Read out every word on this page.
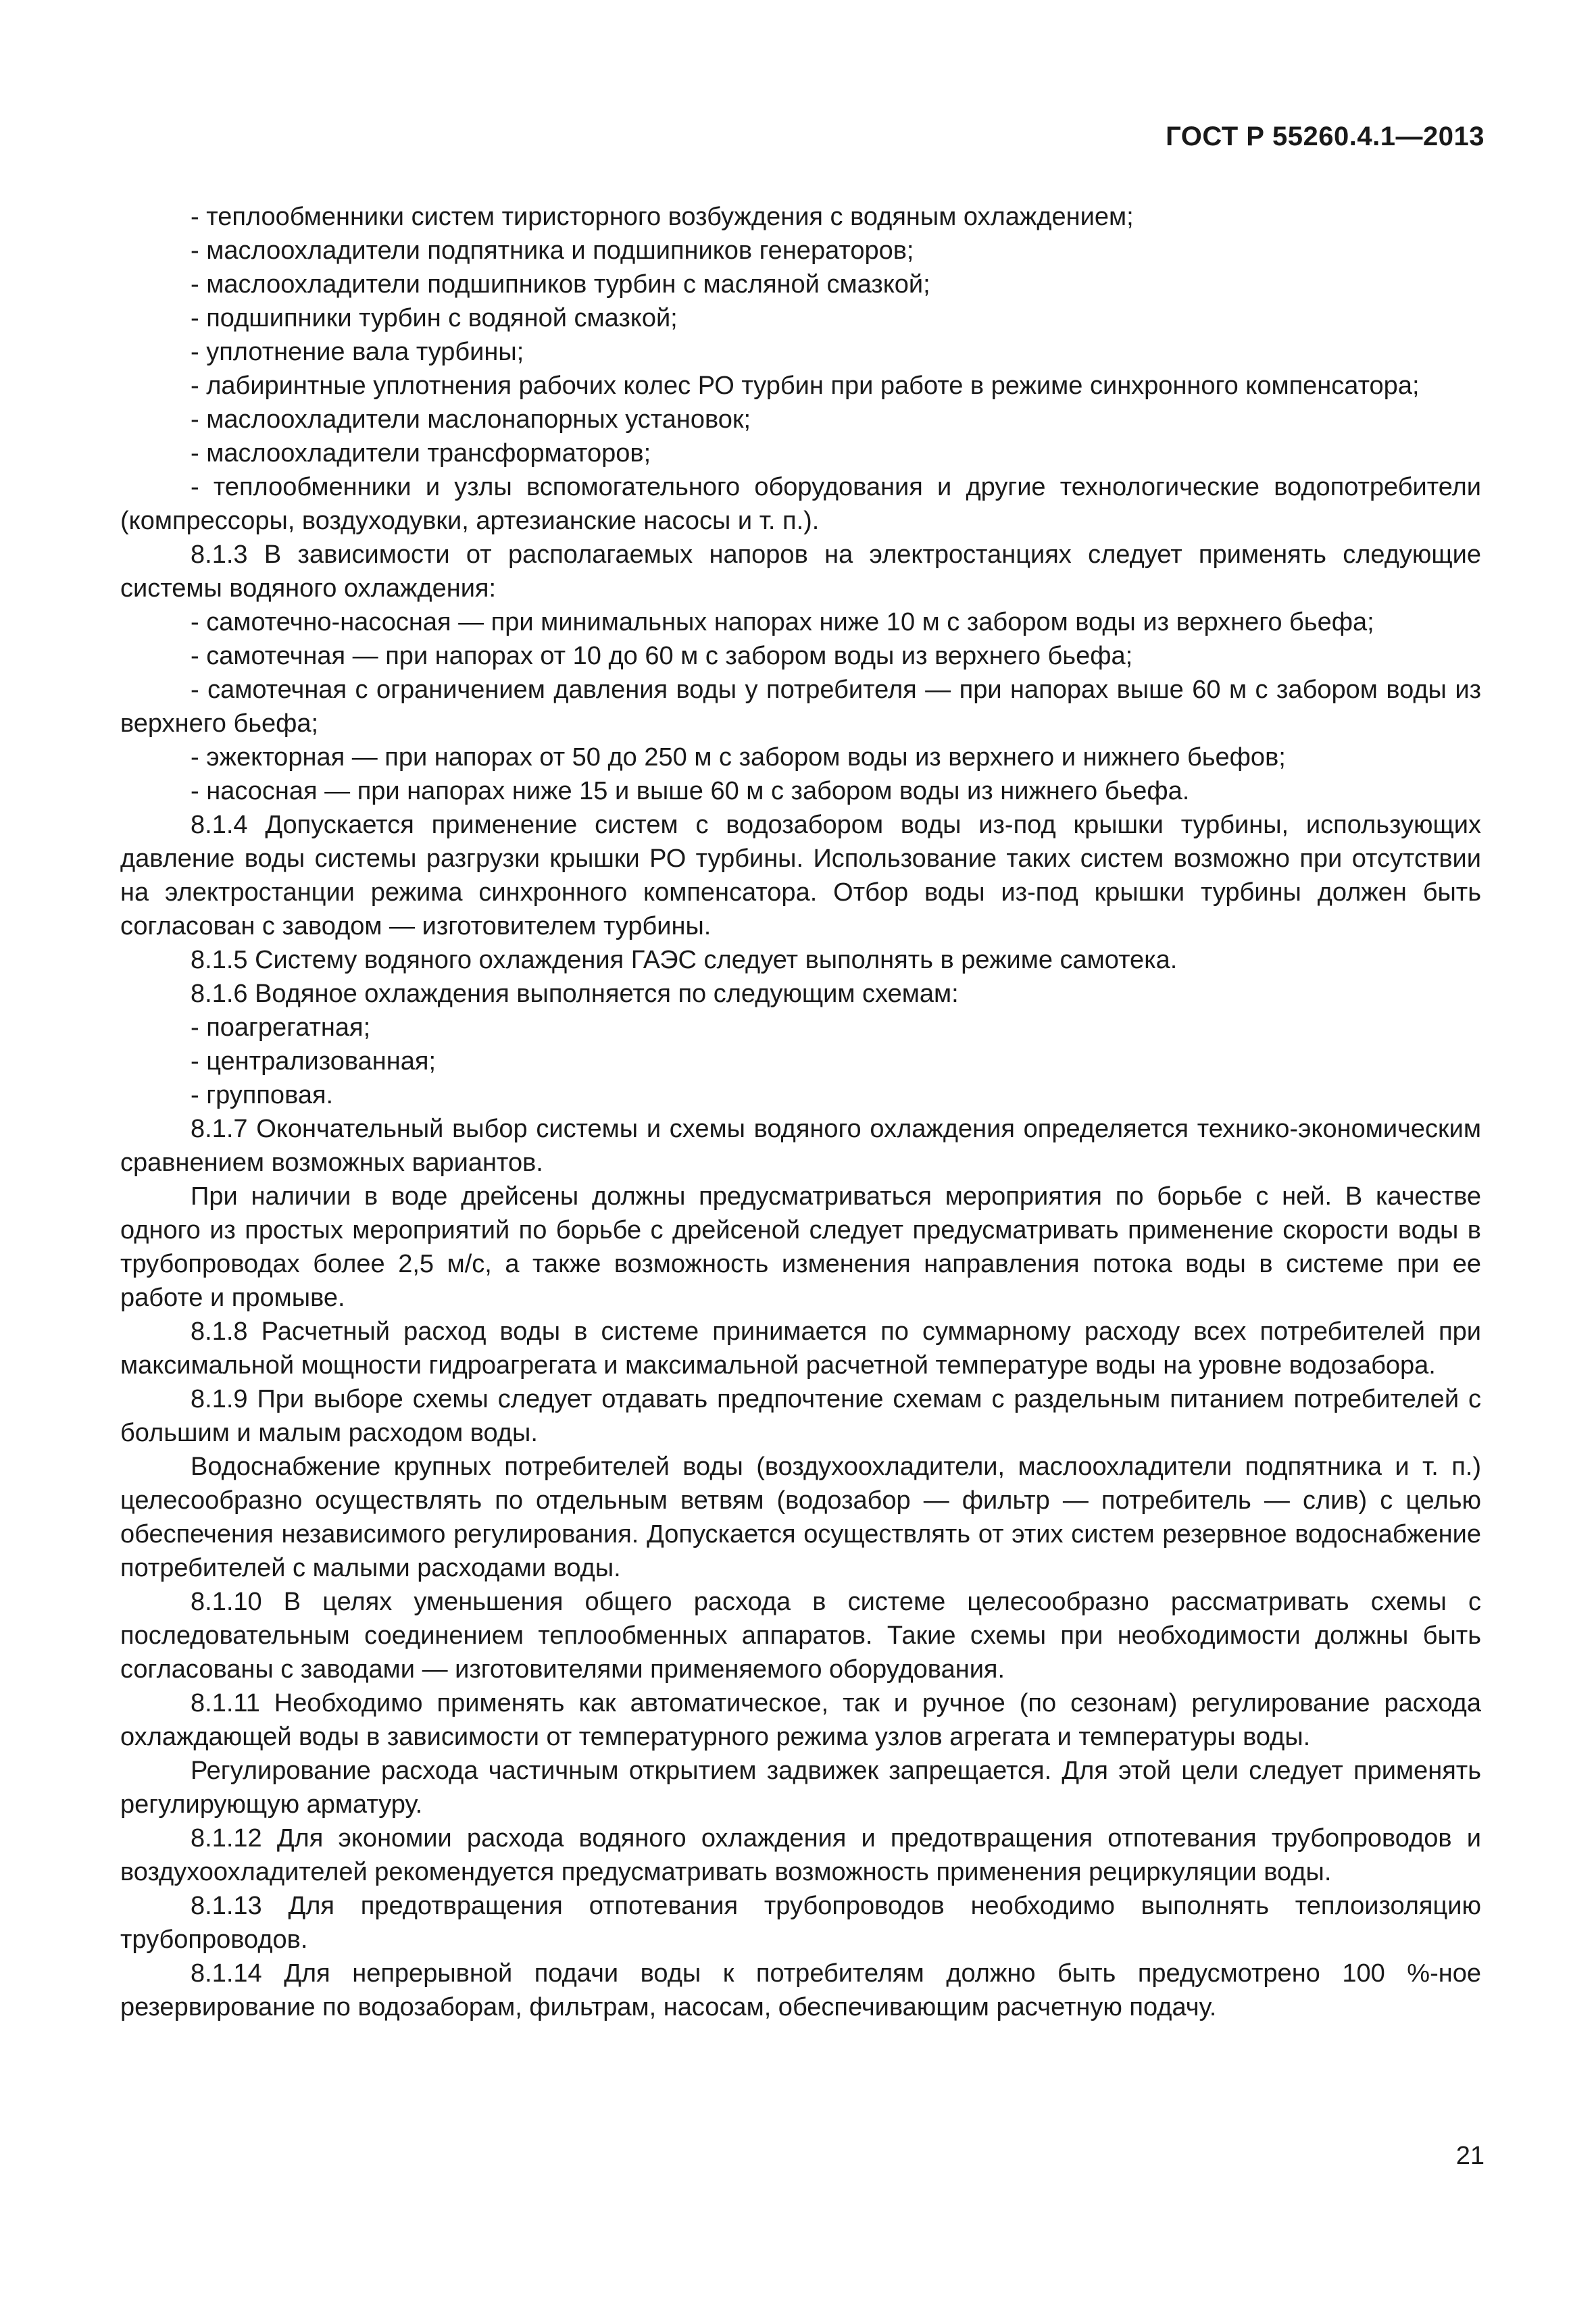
ГОСТ Р 55260.4.1—2013

- теплообменники систем тиристорного возбуждения с водяным охлаждением;

- маслоохладители подпятника и подшипников генераторов;

- маслоохладители подшипников турбин с масляной смазкой;

- подшипники турбин с водяной смазкой;

- уплотнение вала турбины;

- лабиринтные уплотнения рабочих колес РО турбин при работе в режиме синхронного компенсатора;

- маслоохладители маслонапорных установок;

- маслоохладители трансформаторов;

- теплообменники и узлы вспомогательного оборудования и другие технологические водопотребители (компрессоры, воздуходувки, артезианские насосы и т. п.).

8.1.3 В зависимости от располагаемых напоров на электростанциях следует применять следующие системы водяного охлаждения:

- самотечно-насосная — при минимальных напорах ниже 10 м с забором воды из верхнего бьефа;

- самотечная — при напорах от 10 до 60 м с забором воды из верхнего бьефа;

- самотечная с ограничением давления воды у потребителя — при напорах выше 60 м с забором воды из верхнего бьефа;

- эжекторная — при напорах от 50 до 250 м с забором воды из верхнего и нижнего бьефов;

- насосная — при напорах ниже 15 и выше 60 м с забором воды из нижнего бьефа.

8.1.4 Допускается применение систем с водозабором воды из-под крышки турбины, использующих давление воды системы разгрузки крышки РО турбины. Использование таких систем возможно при отсутствии на электростанции режима синхронного компенсатора. Отбор воды из-под крышки турбины должен быть согласован с заводом — изготовителем турбины.

8.1.5 Систему водяного охлаждения ГАЭС следует выполнять в режиме самотека.

8.1.6 Водяное охлаждения выполняется по следующим схемам:

- поагрегатная;

- централизованная;

- групповая.

8.1.7 Окончательный выбор системы и схемы водяного охлаждения определяется технико-экономическим сравнением возможных вариантов.

При наличии в воде дрейсены должны предусматриваться мероприятия по борьбе с ней. В качестве одного из простых мероприятий по борьбе с дрейсеной следует предусматривать применение скорости воды в трубопроводах более 2,5 м/с, а также возможность изменения направления потока воды в системе при ее работе и промыве.

8.1.8 Расчетный расход воды в системе принимается по суммарному расходу всех потребителей при максимальной мощности гидроагрегата и максимальной расчетной температуре воды на уровне водозабора.

8.1.9 При выборе схемы следует отдавать предпочтение схемам с раздельным питанием потребителей с большим и малым расходом воды.

Водоснабжение крупных потребителей воды (воздухоохладители, маслоохладители подпятника и т. п.) целесообразно осуществлять по отдельным ветвям (водозабор — фильтр — потребитель — слив) с целью обеспечения независимого регулирования. Допускается осуществлять от этих систем резервное водоснабжение потребителей с малыми расходами воды.

8.1.10 В целях уменьшения общего расхода в системе целесообразно рассматривать схемы с последовательным соединением теплообменных аппаратов. Такие схемы при необходимости должны быть согласованы с заводами — изготовителями применяемого оборудования.

8.1.11 Необходимо применять как автоматическое, так и ручное (по сезонам) регулирование расхода охлаждающей воды в зависимости от температурного режима узлов агрегата и температуры воды.

Регулирование расхода частичным открытием задвижек запрещается. Для этой цели следует применять регулирующую арматуру.

8.1.12 Для экономии расхода водяного охлаждения и предотвращения отпотевания трубопроводов и воздухоохладителей рекомендуется предусматривать возможность применения рециркуляции воды.

8.1.13 Для предотвращения отпотевания трубопроводов необходимо выполнять теплоизоляцию трубопроводов.

8.1.14 Для непрерывной подачи воды к потребителям должно быть предусмотрено 100 %-ное резервирование по водозаборам, фильтрам, насосам, обеспечивающим расчетную подачу.

21
